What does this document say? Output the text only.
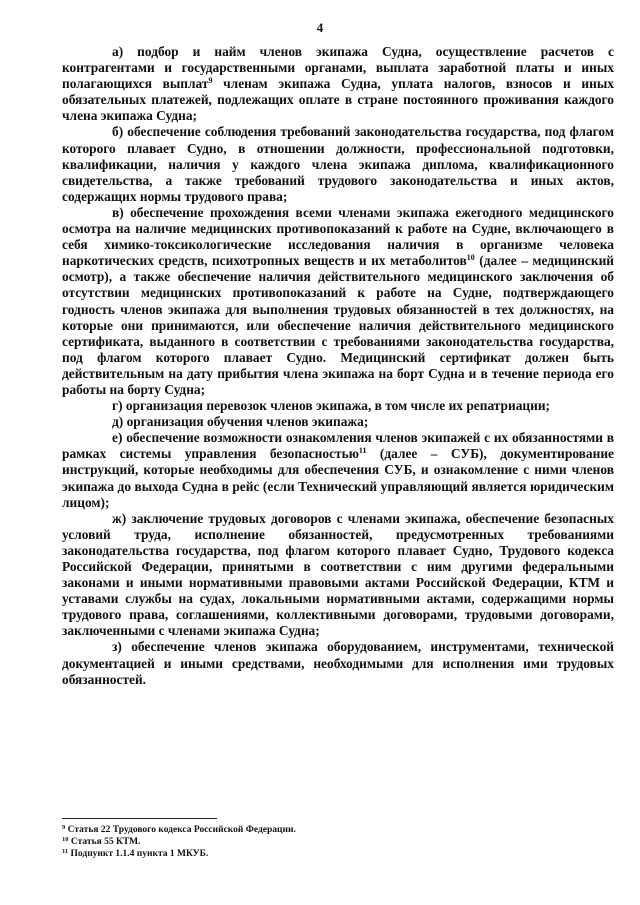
4

а) подбор и найм членов экипажа Судна, осуществление расчетов с контрагентами и государственными органами, выплата заработной платы и иных полагающихся выплат$^9$ членам экипажа Судна, уплата налогов, взносов и иных обязательных платежей, подлежащих оплате в стране постоянного проживания каждого члена экипажа Судна;

б) обеспечение соблюдения требований законодательства государства, под флагом которого плавает Судно, в отношении должности, профессиональной подготовки, квалификации, наличия у каждого члена экипажа диплома, квалификационного свидетельства, а также требований трудового законодательства и иных актов, содержащих нормы трудового права;

в) обеспечение прохождения всеми членами экипажа ежегодного медицинского осмотра на наличие медицинских противопоказаний к работе на Судне, включающего в себя химико-токсикологические исследования наличия в организме человека наркотических средств, психотропных веществ и их метаболитов$^{10}$ (далее – медицинский осмотр), а также обеспечение наличия действительного медицинского заключения об отсутствии медицинских противопоказаний к работе на Судне, подтверждающего годность членов экипажа для выполнения трудовых обязанностей в тех должностях, на которые они принимаются, или обеспечение наличия действительного медицинского сертификата, выданного в соответствии с требованиями законодательства государства, под флагом которого плавает Судно. Медицинский сертификат должен быть действительным на дату прибытия члена экипажа на борт Судна и в течение периода его работы на борту Судна;

г) организация перевозок членов экипажа, в том числе их репатриации;

д) организация обучения членов экипажа;

е) обеспечение возможности ознакомления членов экипажей с их обязанностями в рамках системы управления безопасностью$^{11}$ (далее – СУБ), документирование инструкций, которые необходимы для обеспечения СУБ, и ознакомление с ними членов экипажа до выхода Судна в рейс (если Технический управляющий является юридическим лицом);

ж) заключение трудовых договоров с членами экипажа, обеспечение безопасных условий труда, исполнение обязанностей, предусмотренных требованиями законодательства государства, под флагом которого плавает Судно, Трудового кодекса Российской Федерации, принятыми в соответствии с ним другими федеральными законами и иными нормативными правовыми актами Российской Федерации, КТМ и уставами службы на судах, локальными нормативными актами, содержащими нормы трудового права, соглашениями, коллективными договорами, трудовыми договорами, заключенными с членами экипажа Судна;

з) обеспечение членов экипажа оборудованием, инструментами, технической документацией и иными средствами, необходимыми для исполнения ими трудовых обязанностей.

$^9$ Статья 22 Трудового кодекса Российской Федерации.

$^{10}$ Статья 55 КТМ.

$^{11}$ Подпункт 1.1.4 пункта 1 МКУБ.
